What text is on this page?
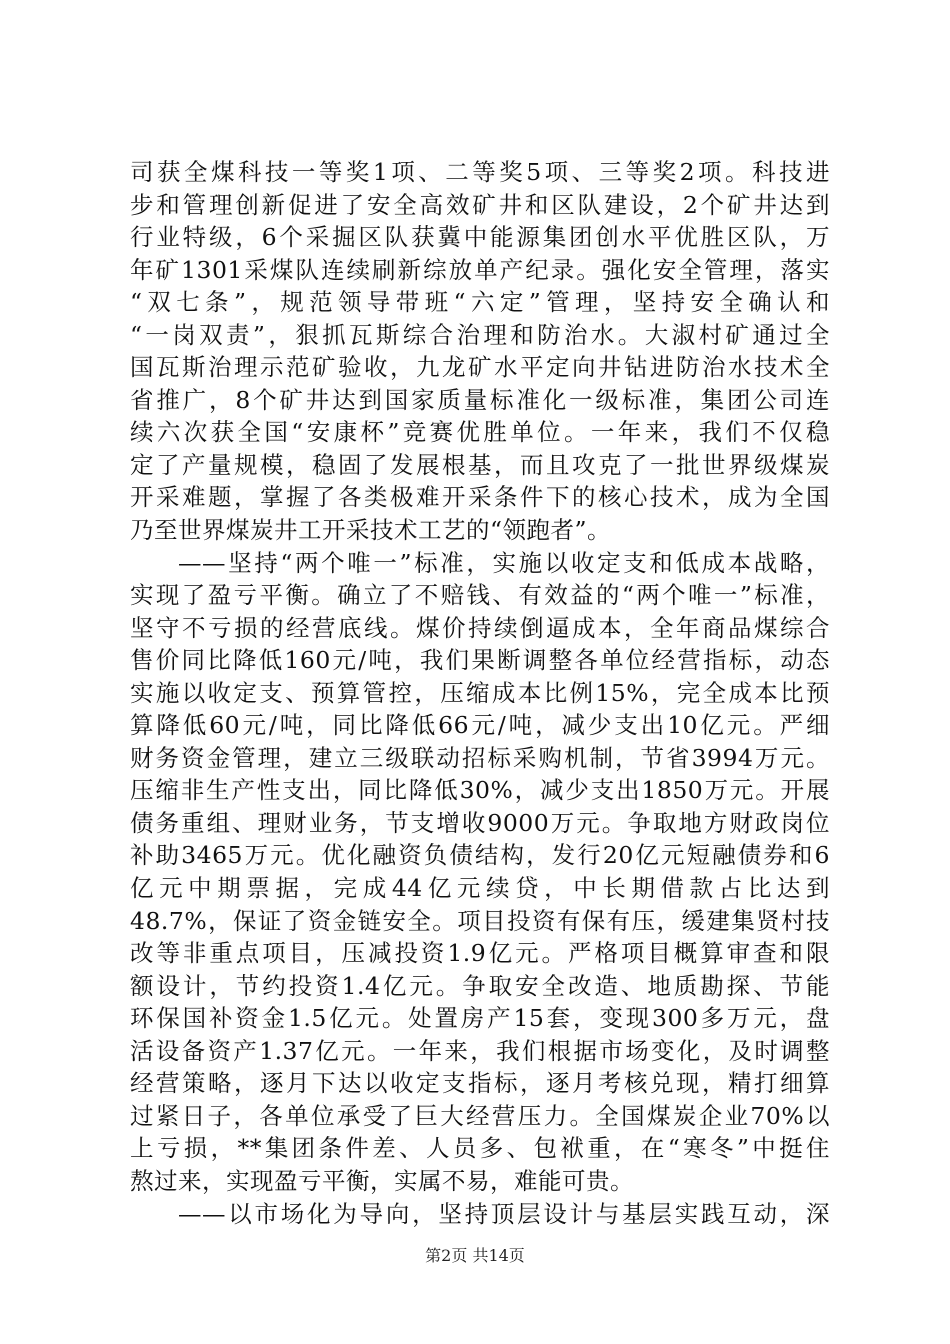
司获全煤科技一等奖1项、二等奖5项、三等奖2项。科技进
步和管理创新促进了安全高效矿井和区队建设，2个矿井达到
行业特级，6个采掘区队获冀中能源集团创水平优胜区队，万
年矿1301采煤队连续刷新综放单产纪录。强化安全管理，落实
“双七条”，规范领导带班“六定”管理，坚持安全确认和
“一岗双责”，狠抓瓦斯综合治理和防治水。大淑村矿通过全
国瓦斯治理示范矿验收，九龙矿水平定向井钻进防治水技术全
省推广，8个矿井达到国家质量标准化一级标准，集团公司连
续六次获全国“安康杯”竞赛优胜单位。一年来，我们不仅稳
定了产量规模，稳固了发展根基，而且攻克了一批世界级煤炭
开采难题，掌握了各类极难开采条件下的核心技术，成为全国
乃至世界煤炭井工开采技术工艺的“领跑者”。
——坚持“两个唯一”标准，实施以收定支和低成本战略，
实现了盈亏平衡。确立了不赔钱、有效益的“两个唯一”标准，
坚守不亏损的经营底线。煤价持续倒逼成本，全年商品煤综合
售价同比降低160元/吨，我们果断调整各单位经营指标，动态
实施以收定支、预算管控，压缩成本比例15%，完全成本比预
算降低60元/吨，同比降低66元/吨，减少支出10亿元。严细
财务资金管理，建立三级联动招标采购机制，节省3994万元。
压缩非生产性支出，同比降低30%，减少支出1850万元。开展
债务重组、理财业务，节支增收9000万元。争取地方财政岗位
补助3465万元。优化融资负债结构，发行20亿元短融债券和6
亿元中期票据，完成44亿元续贷，中长期借款占比达到
48.7%，保证了资金链安全。项目投资有保有压，缓建集贤村技
改等非重点项目，压减投资1.9亿元。严格项目概算审查和限
额设计，节约投资1.4亿元。争取安全改造、地质勘探、节能
环保国补资金1.5亿元。处置房产15套，变现300多万元，盘
活设备资产1.37亿元。一年来，我们根据市场变化，及时调整
经营策略，逐月下达以收定支指标，逐月考核兑现，精打细算
过紧日子，各单位承受了巨大经营压力。全国煤炭企业70%以
上亏损，**集团条件差、人员多、包袱重，在“寒冬”中挺住
熬过来，实现盈亏平衡，实属不易，难能可贵。
——以市场化为导向，坚持顶层设计与基层实践互动，深
第2页 共14页
